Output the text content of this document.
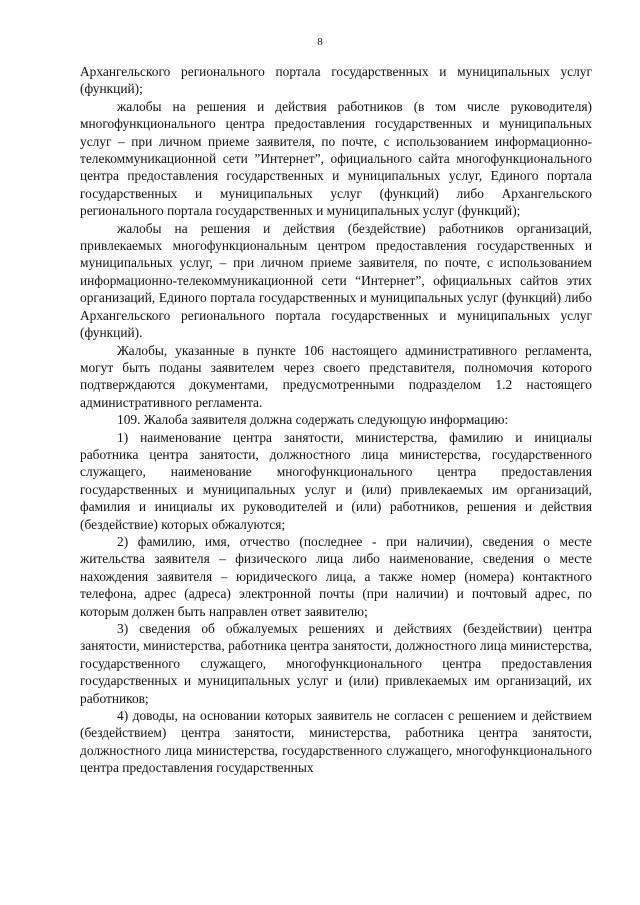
8

Архангельского регионального портала государственных и муниципальных услуг (функций);

жалобы на решения и действия работников (в том числе руководителя) многофункционального центра предоставления государственных и муниципальных услуг – при личном приеме заявителя, по почте, с использованием информационно-телекоммуникационной сети ”Интернет”, официального сайта многофункционального центра предоставления государственных и муниципальных услуг, Единого портала государственных и муниципальных услуг (функций) либо Архангельского регионального портала государственных и муниципальных услуг (функций);

жалобы на решения и действия (бездействие) работников организаций, привлекаемых многофункциональным центром предоставления государственных и муниципальных услуг, – при личном приеме заявителя, по почте, с использованием информационно-телекоммуникационной сети “Интернет”, официальных сайтов этих организаций, Единого портала государственных и муниципальных услуг (функций) либо Архангельского регионального портала государственных и муниципальных услуг (функций).

Жалобы, указанные в пункте 106 настоящего административного регламента, могут быть поданы заявителем через своего представителя, полномочия которого подтверждаются документами, предусмотренными подразделом 1.2 настоящего административного регламента.

109. Жалоба заявителя должна содержать следующую информацию:

1) наименование центра занятости, министерства, фамилию и инициалы работника центра занятости, должностного лица министерства, государственного служащего, наименование многофункционального центра предоставления государственных и муниципальных услуг и (или) привлекаемых им организаций, фамилия и инициалы их руководителей и (или) работников, решения и действия (бездействие) которых обжалуются;

2) фамилию, имя, отчество (последнее - при наличии), сведения о месте жительства заявителя – физического лица либо наименование, сведения о месте нахождения заявителя – юридического лица, а также номер (номера) контактного телефона, адрес (адреса) электронной почты (при наличии) и почтовый адрес, по которым должен быть направлен ответ заявителю;

3) сведения об обжалуемых решениях и действиях (бездействии) центра занятости, министерства, работника центра занятости, должностного лица министерства, государственного служащего, многофункционального центра предоставления государственных и муниципальных услуг и (или) привлекаемых им организаций, их работников;

4) доводы, на основании которых заявитель не согласен с решением и действием (бездействием) центра занятости, министерства, работника центра занятости, должностного лица министерства, государственного служащего, многофункционального центра предоставления государственных
